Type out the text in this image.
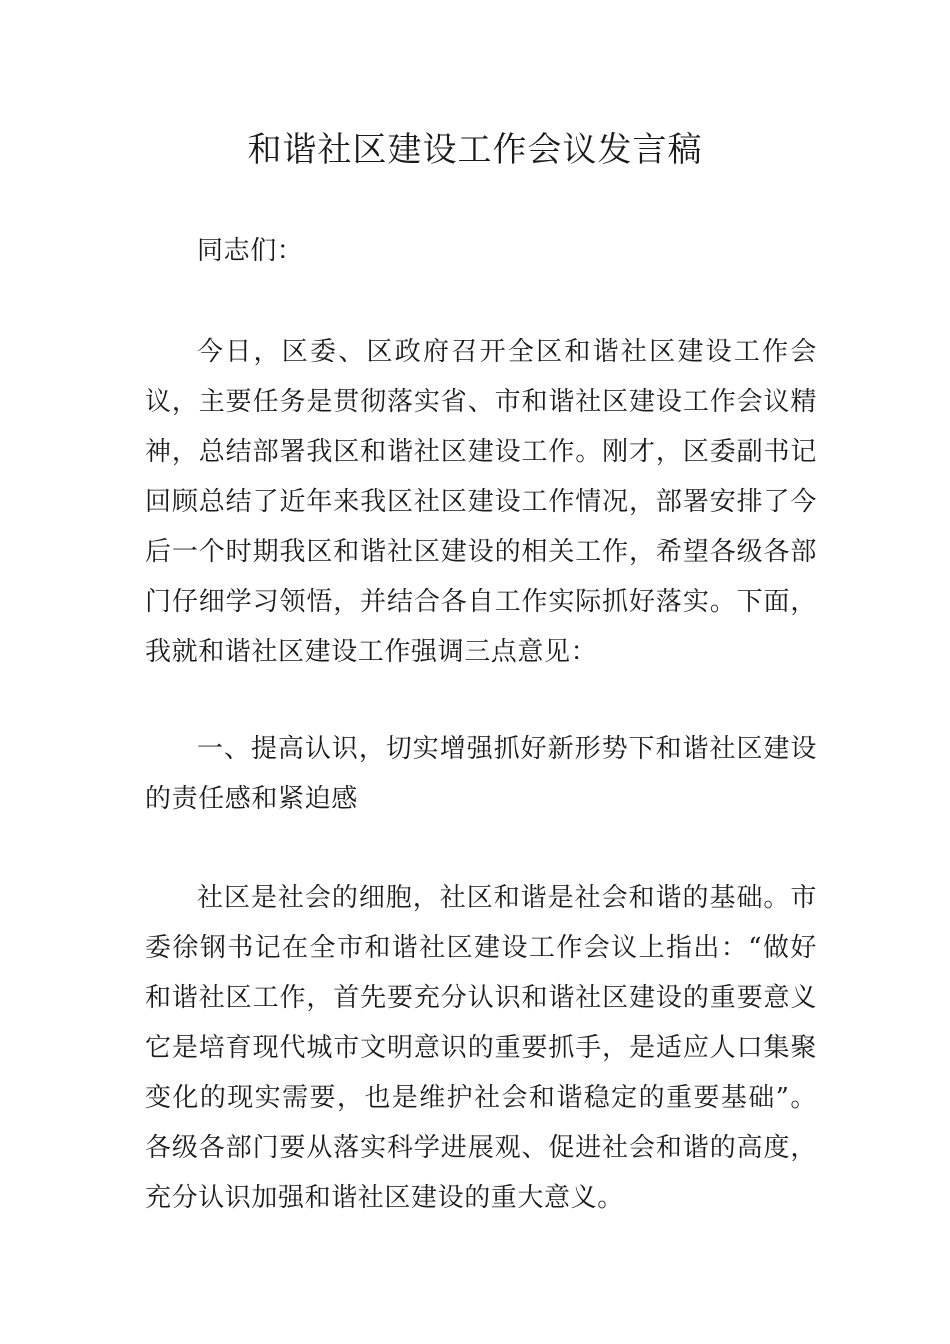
和谐社区建设工作会议发言稿

同志们：

今日，区委、区政府召开全区和谐社区建设工作会议，主要任务是贯彻落实省、市和谐社区建设工作会议精神，总结部署我区和谐社区建设工作。刚才，区委副书记回顾总结了近年来我区社区建设工作情况，部署安排了今后一个时期我区和谐社区建设的相关工作，希望各级各部门仔细学习领悟，并结合各自工作实际抓好落实。下面，我就和谐社区建设工作强调三点意见：

一、提高认识，切实增强抓好新形势下和谐社区建设的责任感和紧迫感

社区是社会的细胞，社区和谐是社会和谐的基础。市委徐钢书记在全市和谐社区建设工作会议上指出：“做好和谐社区工作，首先要充分认识和谐社区建设的重要意义它是培育现代城市文明意识的重要抓手，是适应人口集聚变化的现实需要，也是维护社会和谐稳定的重要基础”。各级各部门要从落实科学进展观、促进社会和谐的高度，充分认识加强和谐社区建设的重大意义。
